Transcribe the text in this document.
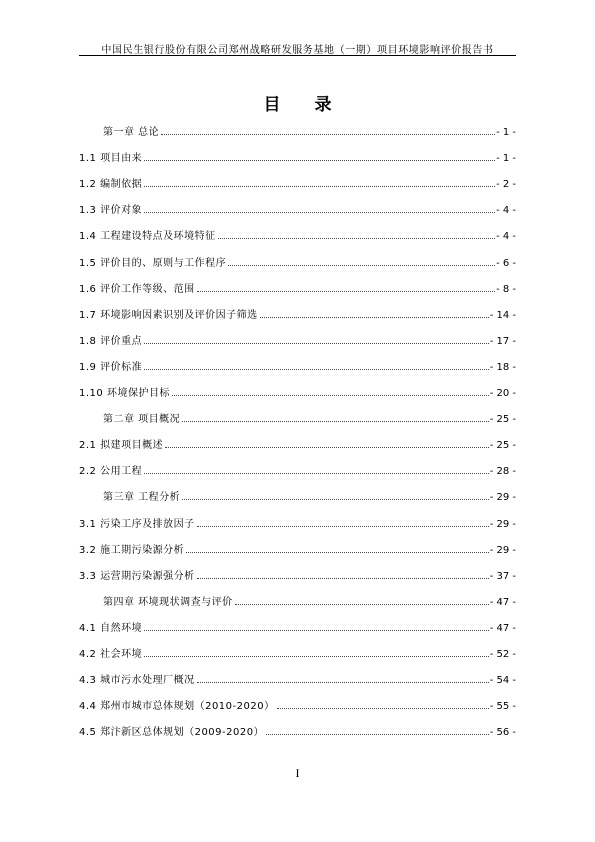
中国民生银行股份有限公司郑州战略研发服务基地（一期）项目环境影响评价报告书
目 录
第一章 总论	- 1 -
1.1 项目由来	- 1 -
1.2 编制依据	- 2 -
1.3 评价对象	- 4 -
1.4 工程建设特点及环境特征	- 4 -
1.5 评价目的、原则与工作程序	- 6 -
1.6 评价工作等级、范围	- 8 -
1.7 环境影响因素识别及评价因子筛选	- 14 -
1.8 评价重点	- 17 -
1.9 评价标准	- 18 -
1.10 环境保护目标	- 20 -
第二章 项目概况	- 25 -
2.1 拟建项目概述	- 25 -
2.2 公用工程	- 28 -
第三章 工程分析	- 29 -
3.1 污染工序及排放因子	- 29 -
3.2 施工期污染源分析	- 29 -
3.3 运营期污染源强分析	- 37 -
第四章 环境现状调查与评价	- 47 -
4.1 自然环境	- 47 -
4.2 社会环境	- 52 -
4.3 城市污水处理厂概况	- 54 -
4.4 郑州市城市总体规划（2010-2020）	- 55 -
4.5 郑汴新区总体规划（2009-2020）	- 56 -
I
